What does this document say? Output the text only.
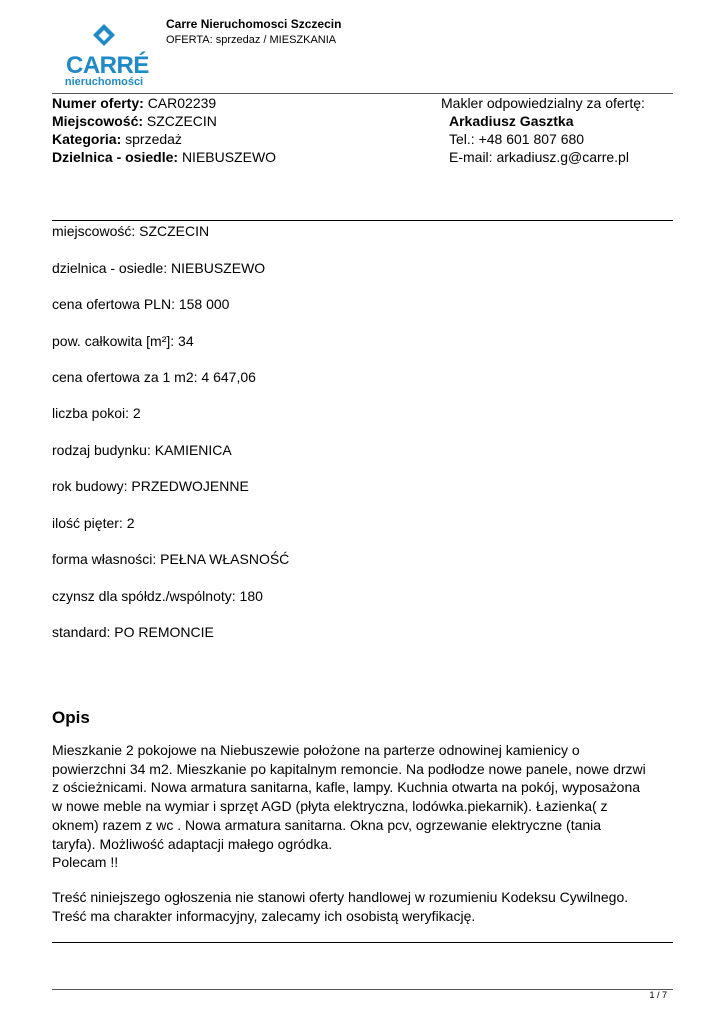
CARRÉ
nieruchomości
Carre Nieruchomosci Szczecin
OFERTA: sprzedaz / MIESZKANIA
Numer oferty: CAR02239
Miejscowość: SZCZECIN
Kategoria: sprzedaż
Dzielnica - osiedle: NIEBUSZEWO
Makler odpowiedzialny za ofertę:
Arkadiusz Gasztka
Tel.: +48 601 807 680
E-mail: arkadiusz.g@carre.pl
miejscowość: SZCZECIN
dzielnica - osiedle: NIEBUSZEWO
cena ofertowa PLN: 158 000
pow. całkowita [m²]: 34
cena ofertowa za 1 m2: 4 647,06
liczba pokoi: 2
rodzaj budynku: KAMIENICA
rok budowy: PRZEDWOJENNE
ilość pięter: 2
forma własności: PEŁNA WŁASNOŚĆ
czynsz dla spółdz./wspólnoty: 180
standard: PO REMONCIE
Opis
Mieszkanie 2 pokojowe na Niebuszewie położone na parterze odnowinej kamienicy o
powierzchni 34 m2. Mieszkanie po kapitalnym remoncie. Na podłodze nowe panele, nowe drzwi
z ościeżnicami. Nowa armatura sanitarna, kafle, lampy. Kuchnia otwarta na pokój, wyposażona
w nowe meble na wymiar i sprzęt AGD (płyta elektryczna, lodówka.piekarnik). Łazienka( z
oknem) razem z wc . Nowa armatura sanitarna. Okna pcv, ogrzewanie elektryczne (tania
taryfa). Możliwość adaptacji małego ogródka.
Polecam !!
Treść niniejszego ogłoszenia nie stanowi oferty handlowej w rozumieniu Kodeksu Cywilnego.
Treść ma charakter informacyjny, zalecamy ich osobistą weryfikację.
1 / 7
